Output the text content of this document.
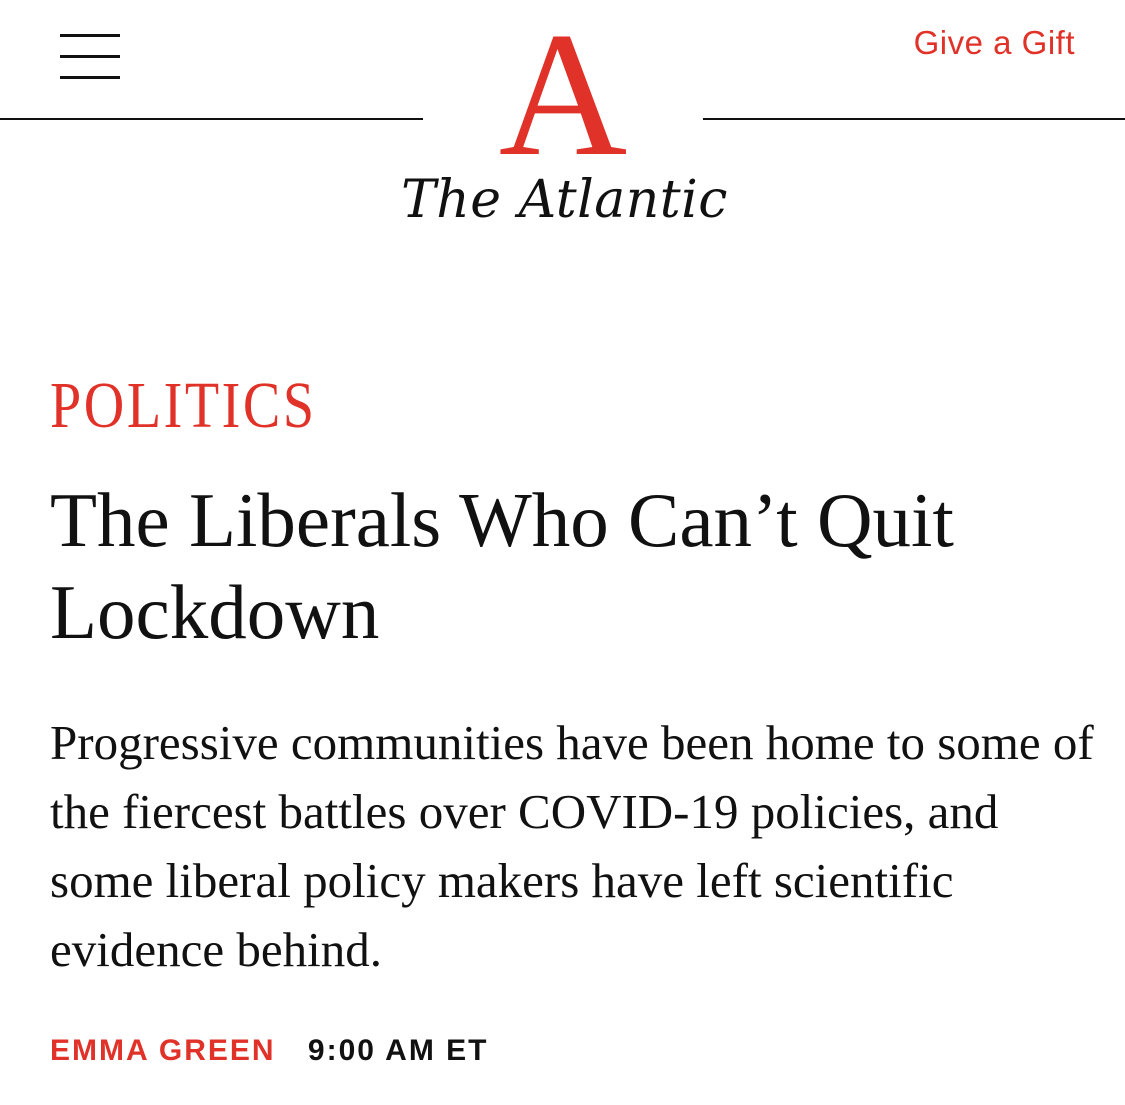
Give a Gift
A
The Atlantic
POLITICS
The Liberals Who Can’t Quit Lockdown

Progressive communities have been home to some of the fiercest battles over COVID-19 policies, and some liberal policy makers have left scientific evidence behind.

EMMA GREEN 9:00 AM ET
